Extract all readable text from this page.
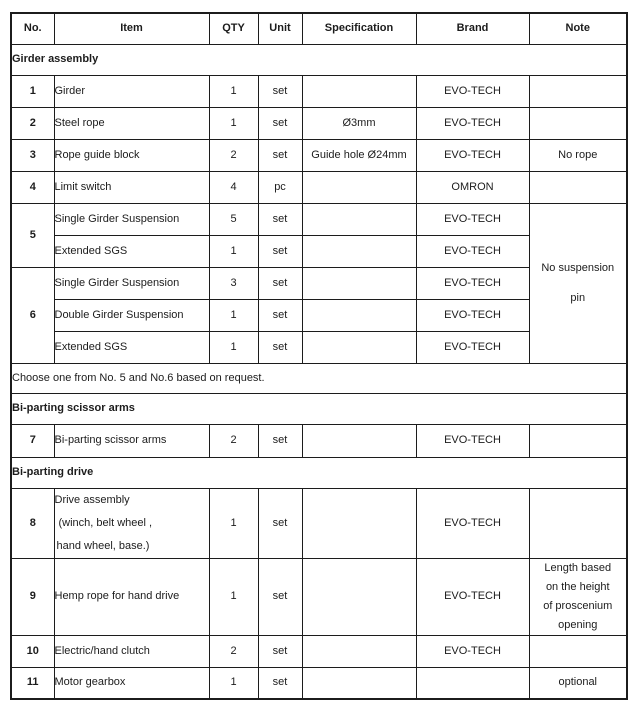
No.	Item	QTY	Unit	Specification	Brand	Note
Girder assembly						
1	Girder	1	set		EVO-TECH	
2	Steel rope	1	set	Ø3mm	EVO-TECH	
3	Rope guide block	2	set	Guide hole Ø24mm	EVO-TECH	No rope
4	Limit switch	4	pc		OMRON	
5	Single Girder Suspension	5	set		EVO-TECH	No suspension
pin

	Extended SGS	1	set		EVO-TECH	
6	Single Girder Suspension	3	set		EVO-TECH	
	Double Girder Suspension	1	set		EVO-TECH	
	Extended SGS	1	set		EVO-TECH	
Choose one from No. 5 and No.6 based on request.						
Bi-parting scissor arms						
7	Bi-parting scissor arms	2	set		EVO-TECH	
Bi-parting drive						
8	Drive assembly
(winch, belt wheel ,
hand wheel, base.)	1	set		EVO-TECH	
9	Hemp rope for hand drive	1	set		EVO-TECH	Length based
on the height
of proscenium
opening

10	Electric/hand clutch	2	set		EVO-TECH	
11	Motor gearbox	1	set			optional
